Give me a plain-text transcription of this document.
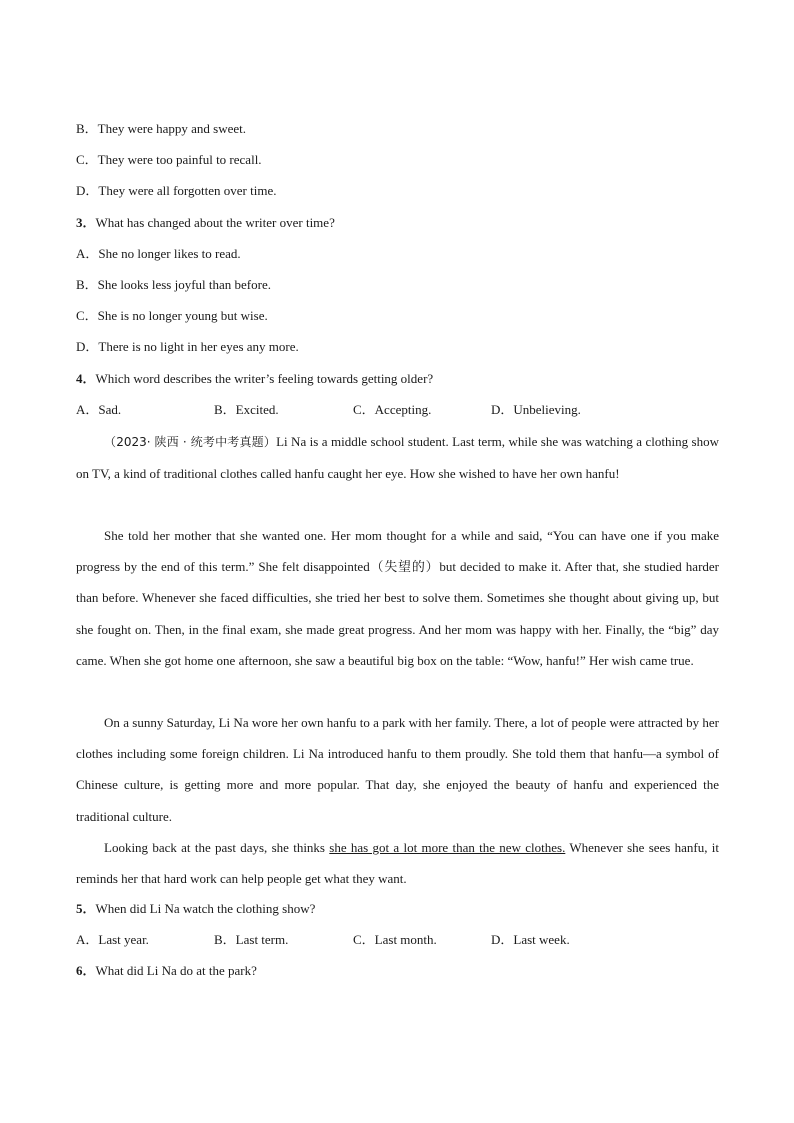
B．They were happy and sweet.
C．They were too painful to recall.
D．They were all forgotten over time.
3．What has changed about the writer over time?
A．She no longer likes to read.
B．She looks less joyful than before.
C．She is no longer young but wise.
D．There is no light in her eyes any more.
4．Which word describes the writer’s feeling towards getting older?
A．Sad.	B．Excited.	C．Accepting.	D．Unbelieving.
（2023· 陕西 · 统考中考真题）Li Na is a middle school student. Last term, while she was watching a clothing show on TV, a kind of traditional clothes called hanfu caught her eye. How she wished to have her own hanfu!
She told her mother that she wanted one. Her mom thought for a while and said, “You can have one if you make progress by the end of this term.” She felt disappointed（失望的）but decided to make it. After that, she studied harder than before. Whenever she faced difficulties, she tried her best to solve them. Sometimes she thought about giving up, but she fought on. Then, in the final exam, she made great progress. And her mom was happy with her. Finally, the “big” day came. When she got home one afternoon, she saw a beautiful big box on the table: “Wow, hanfu!” Her wish came true.
On a sunny Saturday, Li Na wore her own hanfu to a park with her family. There, a lot of people were attracted by her clothes including some foreign children. Li Na introduced hanfu to them proudly. She told them that hanfu—a symbol of Chinese culture, is getting more and more popular. That day, she enjoyed the beauty of hanfu and experienced the traditional culture.
Looking back at the past days, she thinks she has got a lot more than the new clothes. Whenever she sees hanfu, it reminds her that hard work can help people get what they want.
5．When did Li Na watch the clothing show?
A．Last year.	B．Last term.	C．Last month.	D．Last week.
6．What did Li Na do at the park?
